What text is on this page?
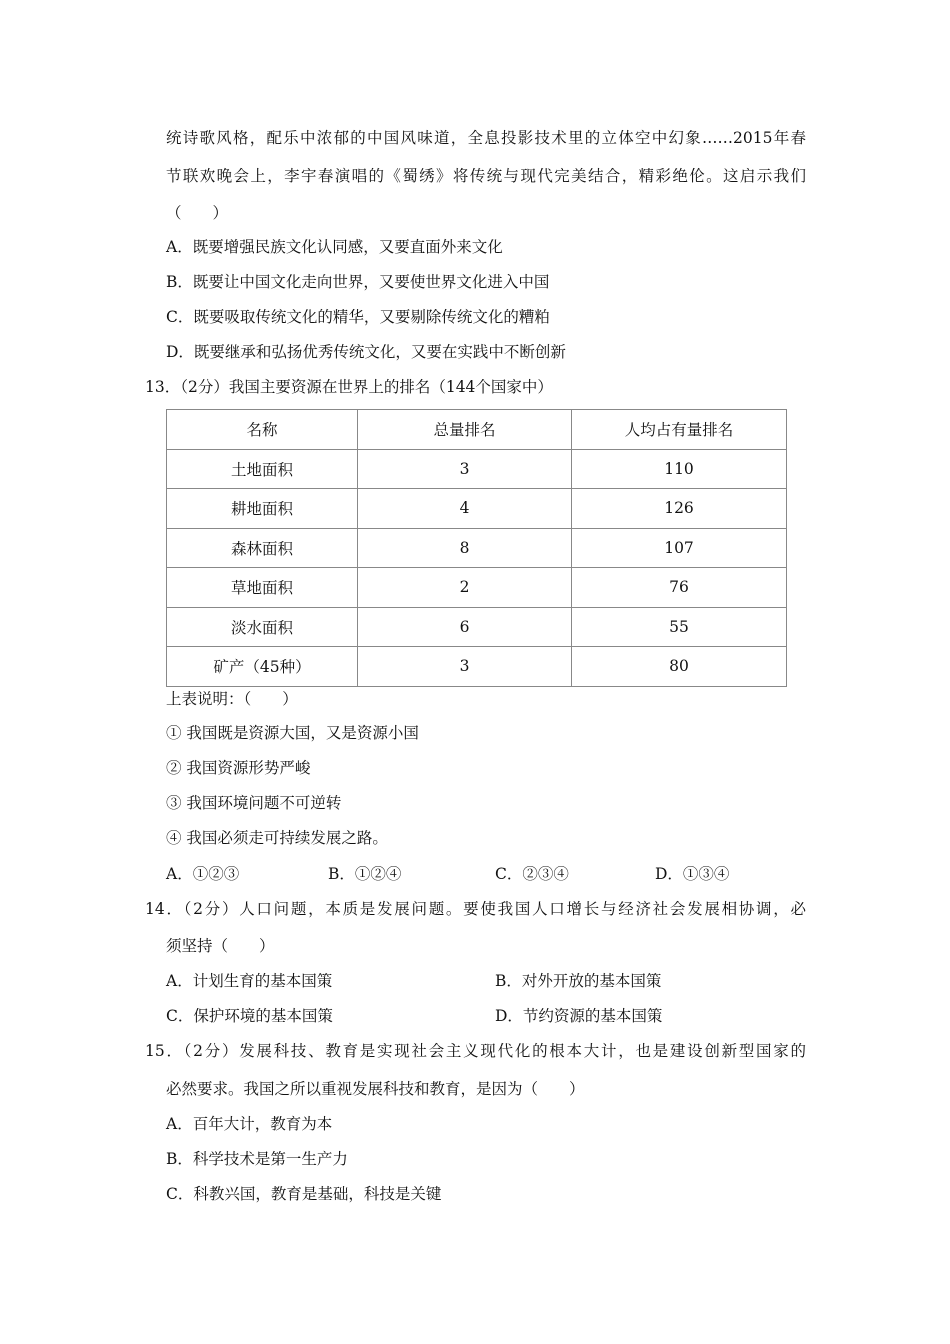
统诗歌风格，配乐中浓郁的中国风味道，全息投影技术里的立体空中幻象……2015年春
节联欢晚会上，李宇春演唱的《蜀绣》将传统与现代完美结合，精彩绝伦。这启示我们
（　　）
A．既要增强民族文化认同感，又要直面外来文化
B．既要让中国文化走向世界，又要使世界文化进入中国
C．既要吸取传统文化的精华，又要剔除传统文化的糟粕
D．既要继承和弘扬优秀传统文化，又要在实践中不断创新
13．（2分）我国主要资源在世界上的排名（144个国家中）
名称	总量排名	人均占有量排名
土地面积	3	110
耕地面积	4	126
森林面积	8	107
草地面积	2	76
淡水面积	6	55
矿产（45种）	3	80
上表说明：（　　）
① 我国既是资源大国，又是资源小国
② 我国资源形势严峻
③ 我国环境问题不可逆转
④ 我国必须走可持续发展之路。
A．①②③	B．①②④	C．②③④	D．①③④
14．（2分）人口问题，本质是发展问题。要使我国人口增长与经济社会发展相协调，必
须坚持（　　）
A．计划生育的基本国策	B．对外开放的基本国策
C．保护环境的基本国策	D．节约资源的基本国策
15．（2分）发展科技、教育是实现社会主义现代化的根本大计，也是建设创新型国家的
必然要求。我国之所以重视发展科技和教育，是因为（　　）
A．百年大计，教育为本
B．科学技术是第一生产力
C．科教兴国，教育是基础，科技是关键
